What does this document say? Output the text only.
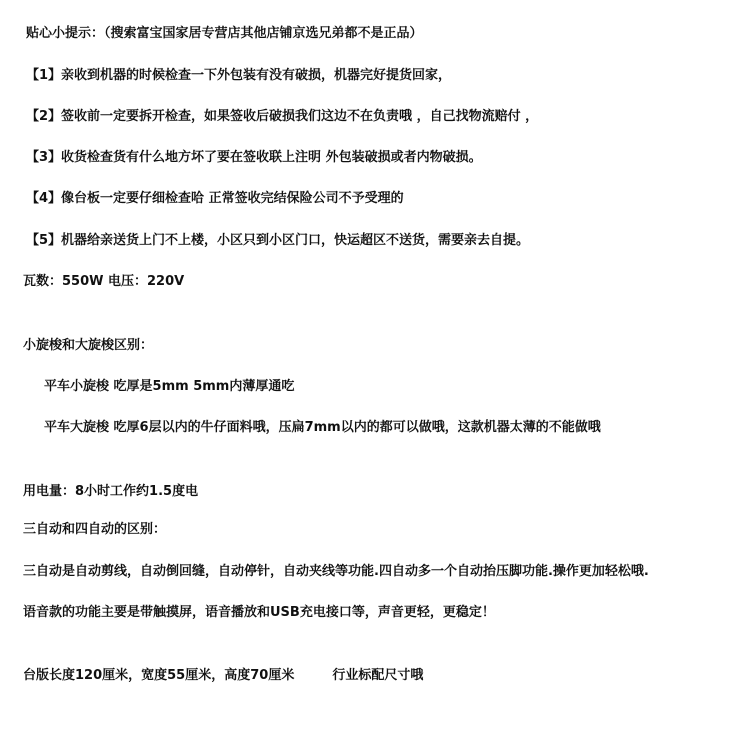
贴心小提示：（搜索富宝国家居专营店其他店铺京选兄弟都不是正品）
【1】亲收到机器的时候检查一下外包装有没有破损，机器完好提货回家，
【2】签收前一定要拆开检查，如果签收后破损我们这边不在负责哦 ，自己找物流赔付 ，
【3】收货检查货有什么地方坏了要在签收联上注明 外包装破损或者内物破损。
【4】像台板一定要仔细检查哈 正常签收完结保险公司不予受理的
【5】机器给亲送货上门不上楼，小区只到小区门口，快运超区不送货，需要亲去自提。
瓦数：550W 电压：220V
小旋梭和大旋梭区别：
平车小旋梭 吃厚是5mm 5mm内薄厚通吃
平车大旋梭 吃厚6层以内的牛仔面料哦，压扁7mm以内的都可以做哦，这款机器太薄的不能做哦
用电量：8小时工作约1.5度电
三自动和四自动的区别：
三自动是自动剪线，自动倒回缝，自动停针，自动夹线等功能.四自动多一个自动抬压脚功能.操作更加轻松哦.
语音款的功能主要是带触摸屏，语音播放和USB充电接口等，声音更轻，更稳定！
台版长度120厘米，宽度55厘米，高度70厘米	行业标配尺寸哦
